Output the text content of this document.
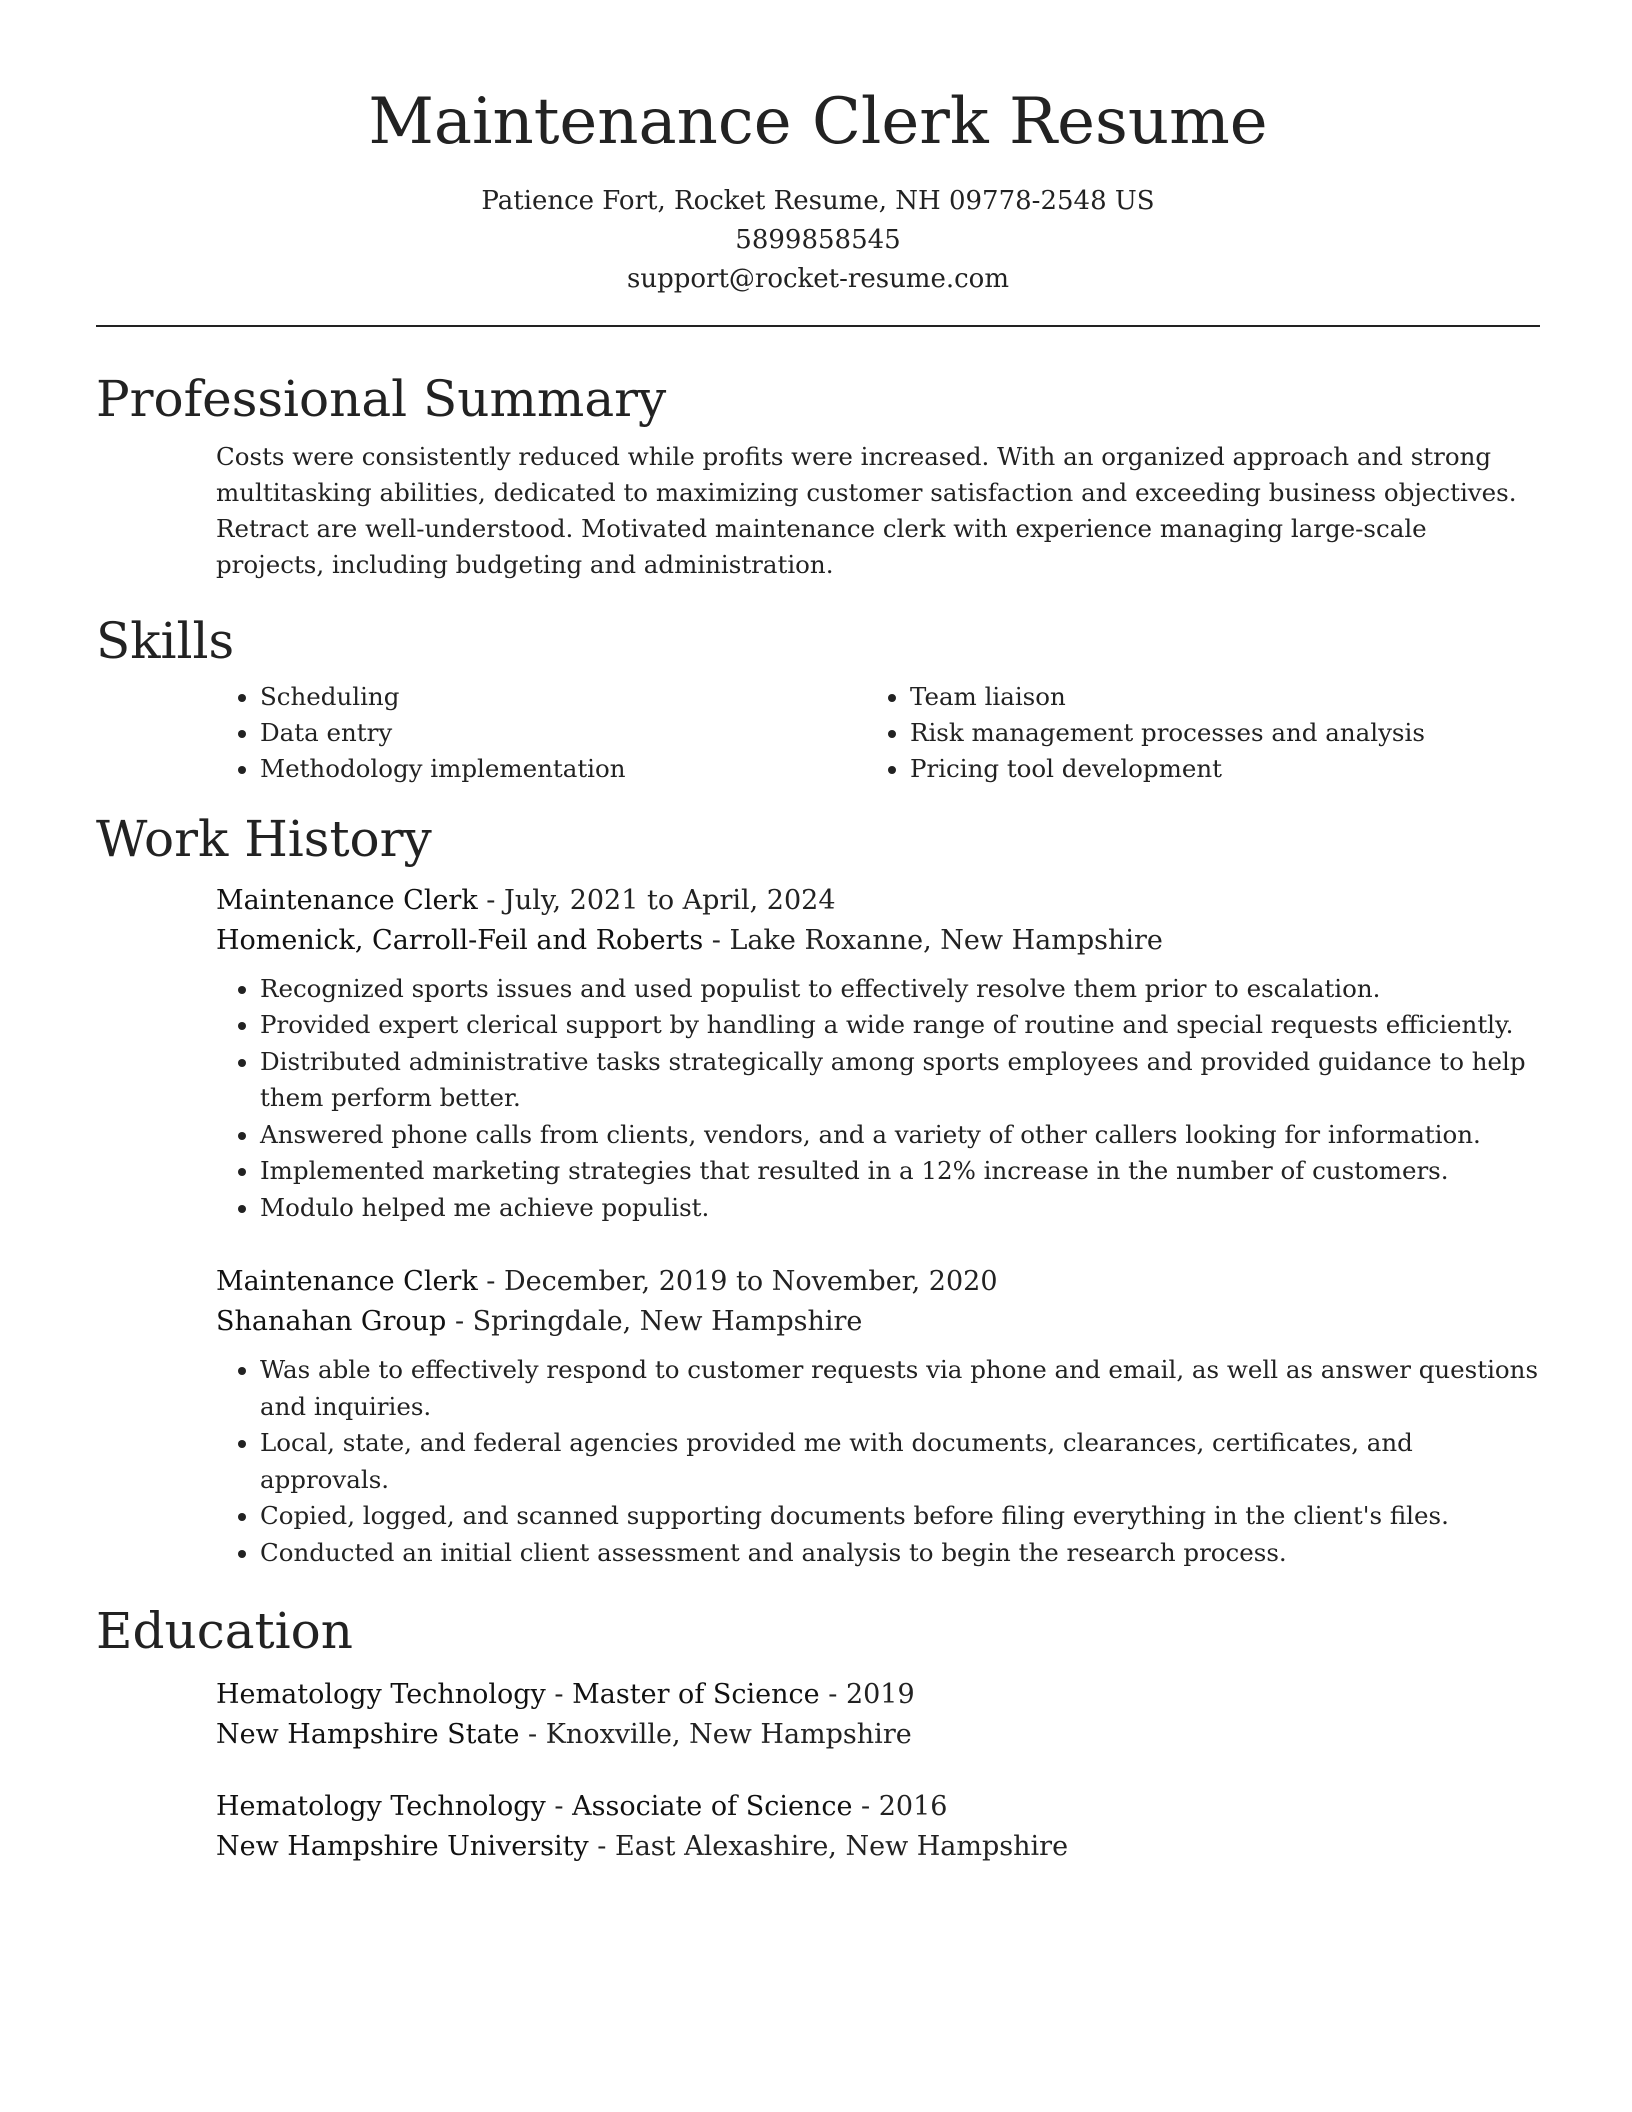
Maintenance Clerk Resume
Patience Fort, Rocket Resume, NH 09778-2548 US
5899858545
support@rocket-resume.com
Professional Summary
Costs were consistently reduced while profits were increased. With an organized approach and strong multitasking abilities, dedicated to maximizing customer satisfaction and exceeding business objectives. Retract are well-understood. Motivated maintenance clerk with experience managing large-scale projects, including budgeting and administration.
Skills
• Scheduling
• Data entry
• Methodology implementation
• Team liaison
• Risk management processes and analysis
• Pricing tool development
Work History
Maintenance Clerk - July, 2021 to April, 2024
Homenick, Carroll-Feil and Roberts - Lake Roxanne, New Hampshire
• Recognized sports issues and used populist to effectively resolve them prior to escalation.
• Provided expert clerical support by handling a wide range of routine and special requests efficiently.
• Distributed administrative tasks strategically among sports employees and provided guidance to help them perform better.
• Answered phone calls from clients, vendors, and a variety of other callers looking for information.
• Implemented marketing strategies that resulted in a 12% increase in the number of customers.
• Modulo helped me achieve populist.
Maintenance Clerk - December, 2019 to November, 2020
Shanahan Group - Springdale, New Hampshire
• Was able to effectively respond to customer requests via phone and email, as well as answer questions and inquiries.
• Local, state, and federal agencies provided me with documents, clearances, certificates, and approvals.
• Copied, logged, and scanned supporting documents before filing everything in the client's files.
• Conducted an initial client assessment and analysis to begin the research process.
Education
Hematology Technology - Master of Science - 2019
New Hampshire State - Knoxville, New Hampshire
Hematology Technology - Associate of Science - 2016
New Hampshire University - East Alexashire, New Hampshire
